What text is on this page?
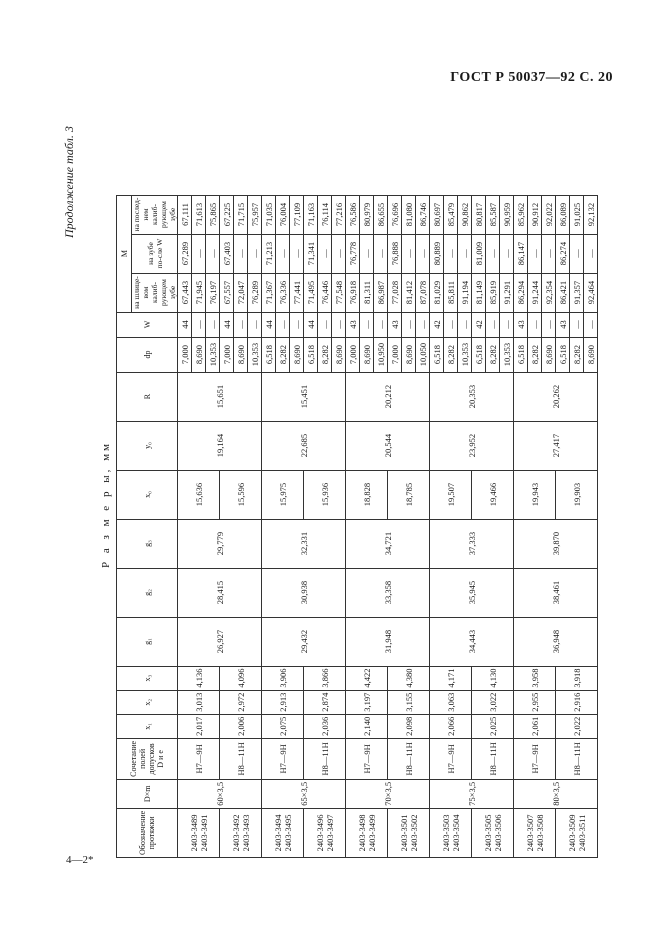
ГОСТ Р 50037—92 С. 20
4—2*
Продолжение табл. 3
Р а з м е р ы, мм
Обозначение протяжки	D×m	Сочетание полей допусков D и e	x₁	x₂	x₃	g₁	g₂	g₃	x₀	y₀	R	dp	W	M		
														на шлице-вом калиб-рующем зубе	на зубе по-сле W	на послед-нем калиб-рующем зубе
2403-3489
2403-3491	60×3,5	H7—9H	2,017	3,013	4,136	26,927	28,415	29,779	15,636	19,164	15,651	7,000	44	67,443	67,289	67,111
												8,690	—	71,945	—	71,613
												10,353	—	76,197	—	75,865
2403-3492
2403-3493		H8—11H	2,006	2,972	4,096				15,596			7,000	44	67,557	67,403	67,225
												8,690	—	72,047	—	71,715
												10,353	—	76,289	—	75,957
2403-3494
2403-3495	65×3,5	H7—9H	2,075	2,913	3,906	29,432	30,938	32,331	15,975	22,685	15,451	6,518	44	71,367	71,213	71,035
												8,282	—	76,336	—	76,004
												8,690	—	77,441	—	77,109
2403-3496
2403-3497		H8—11H	2,036	2,874	3,866				15,936			6,518	44	71,495	71,341	71,163
												8,282	—	76,446	—	76,114
												8,690	—	77,548	—	77,216
2403-3498
2403-3499	70×3,5	H7—9H	2,140	3,197	4,422	31,948	33,358	34,721	18,828	20,544	20,212	7,000	43	76,918	76,778	76,586
												8,690	—	81,311	—	80,979
												10,950	—	86,987	—	86,655
2403-3501
2403-3502		H8—11H	2,098	3,155	4,380				18,785			7,000	43	77,028	76,888	76,696
												8,690	—	81,412	—	81,080
												10,050	—	87,078	—	86,746
2403-3503
2403-3504	75×3,5	H7—9H	2,066	3,063	4,171	34,443	35,945	37,333	19,507	23,952	20,353	6,518	42	81,029	80,889	80,697
												8,282	—	85,811	—	85,479
												10,353	—	91,194	—	90,862
2403-3505
2403-3506		H8—11H	2,025	3,022	4,130				19,466			6,518	42	81,149	81,009	80,817
												8,282	—	85,919	—	85,587
												10,353	—	91,291	—	90,959
2403-3507
2403-3508	80×3,5	H7—9H	2,061	2,955	3,958	36,948	38,461	39,870	19,943	27,417	20,262	6,518	43	86,294	86,147	85,962
												8,282	—	91,244	—	90,912
												8,690	—	92,354	—	92,022
2403-3509
2403-3511		H8—11H	2,022	2,916	3,918				19,903			6,518	43	86,421	86,274	86,089
												8,282	—	91,357	—	91,025
												8,690	—	92,464	—	92,132
